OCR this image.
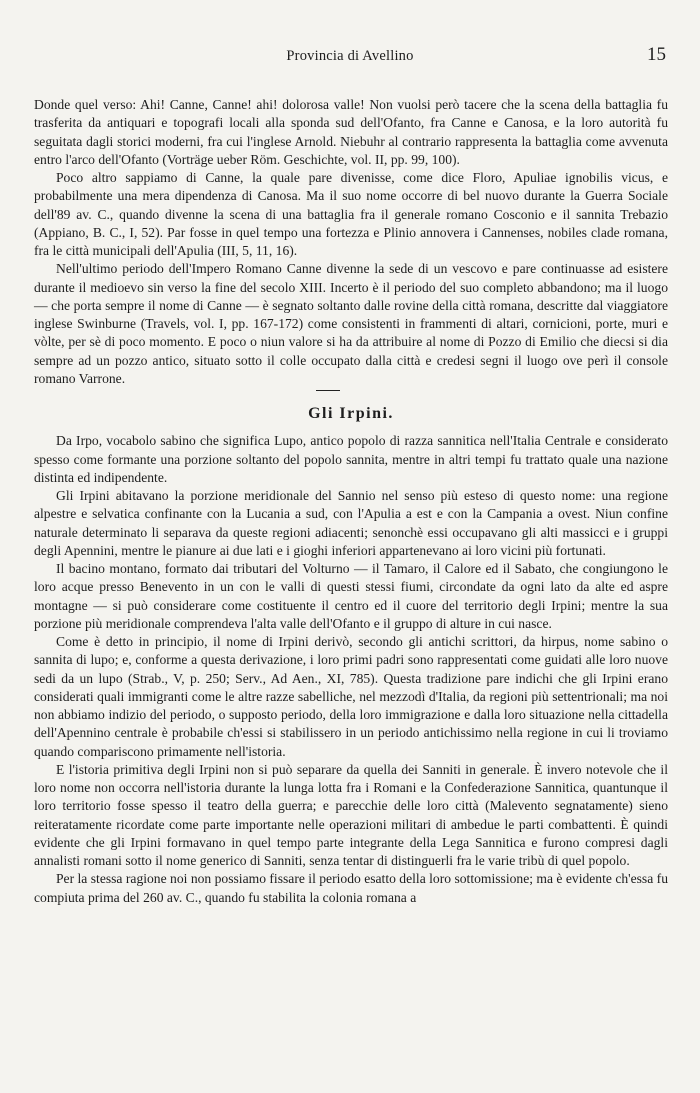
Provincia di Avellino	15

Donde quel verso: Ahi! Canne, Canne! ahi! dolorosa valle! Non vuolsi però tacere che la scena della battaglia fu trasferita da antiquari e topografi locali alla sponda sud dell'Ofanto, fra Canne e Canosa, e la loro autorità fu seguitata dagli storici moderni, fra cui l'inglese Arnold. Niebuhr al contrario rappresenta la battaglia come avvenuta entro l'arco dell'Ofanto (Vorträge ueber Röm. Geschichte, vol. II, pp. 99, 100).

Poco altro sappiamo di Canne, la quale pare divenisse, come dice Floro, Apuliae ignobilis vicus, e probabilmente una mera dipendenza di Canosa. Ma il suo nome occorre di bel nuovo durante la Guerra Sociale dell'89 av. C., quando divenne la scena di una battaglia fra il generale romano Cosconio e il sannita Trebazio (Appiano, B. C., I, 52). Par fosse in quel tempo una fortezza e Plinio annovera i Cannenses, nobiles clade romana, fra le città municipali dell'Apulia (III, 5, 11, 16).

Nell'ultimo periodo dell'Impero Romano Canne divenne la sede di un vescovo e pare continuasse ad esistere durante il medioevo sin verso la fine del secolo XIII. Incerto è il periodo del suo completo abbandono; ma il luogo — che porta sempre il nome di Canne — è segnato soltanto dalle rovine della città romana, descritte dal viaggiatore inglese Swinburne (Travels, vol. I, pp. 167-172) come consistenti in frammenti di altari, cornicioni, porte, muri e vòlte, per sè di poco momento. E poco o niun valore si ha da attribuire al nome di Pozzo di Emilio che diecsi si dia sempre ad un pozzo antico, situato sotto il colle occupato dalla città e credesi segni il luogo ove perì il console romano Varrone.

Gli Irpini.

Da Irpo, vocabolo sabino che significa Lupo, antico popolo di razza sannitica nell'Italia Centrale e considerato spesso come formante una porzione soltanto del popolo sannita, mentre in altri tempi fu trattato quale una nazione distinta ed indipendente.

Gli Irpini abitavano la porzione meridionale del Sannio nel senso più esteso di questo nome: una regione alpestre e selvatica confinante con la Lucania a sud, con l'Apulia a est e con la Campania a ovest. Niun confine naturale determinato li separava da queste regioni adiacenti; senonchè essi occupavano gli alti massicci e i gruppi degli Apennini, mentre le pianure ai due lati e i gioghi inferiori appartenevano ai loro vicini più fortunati.

Il bacino montano, formato dai tributari del Volturno — il Tamaro, il Calore ed il Sabato, che congiungono le loro acque presso Benevento in un con le valli di questi stessi fiumi, circondate da ogni lato da alte ed aspre montagne — si può considerare come costituente il centro ed il cuore del territorio degli Irpini; mentre la sua porzione più meridionale comprendeva l'alta valle dell'Ofanto e il gruppo di alture in cui nasce.

Come è detto in principio, il nome di Irpini derivò, secondo gli antichi scrittori, da hirpus, nome sabino o sannita di lupo; e, conforme a questa derivazione, i loro primi padri sono rappresentati come guidati alle loro nuove sedi da un lupo (Strab., V, p. 250; Serv., Ad Aen., XI, 785). Questa tradizione pare indichi che gli Irpini erano considerati quali immigranti come le altre razze sabelliche, nel mezzodì d'Italia, da regioni più settentrionali; ma noi non abbiamo indizio del periodo, o supposto periodo, della loro immigrazione e dalla loro situazione nella cittadella dell'Apennino centrale è probabile ch'essi si stabilissero in un periodo antichissimo nella regione in cui li troviamo quando compariscono primamente nell'istoria.

E l'istoria primitiva degli Irpini non si può separare da quella dei Sanniti in generale. È invero notevole che il loro nome non occorra nell'istoria durante la lunga lotta fra i Romani e la Confederazione Sannitica, quantunque il loro territorio fosse spesso il teatro della guerra; e parecchie delle loro città (Malevento segnatamente) sieno reiteratamente ricordate come parte importante nelle operazioni militari di ambedue le parti combattenti. È quindi evidente che gli Irpini formavano in quel tempo parte integrante della Lega Sannitica e furono compresi dagli annalisti romani sotto il nome generico di Sanniti, senza tentar di distinguerli fra le varie tribù di quel popolo.

Per la stessa ragione noi non possiamo fissare il periodo esatto della loro sottomissione; ma è evidente ch'essa fu compiuta prima del 260 av. C., quando fu stabilita la colonia romana a
